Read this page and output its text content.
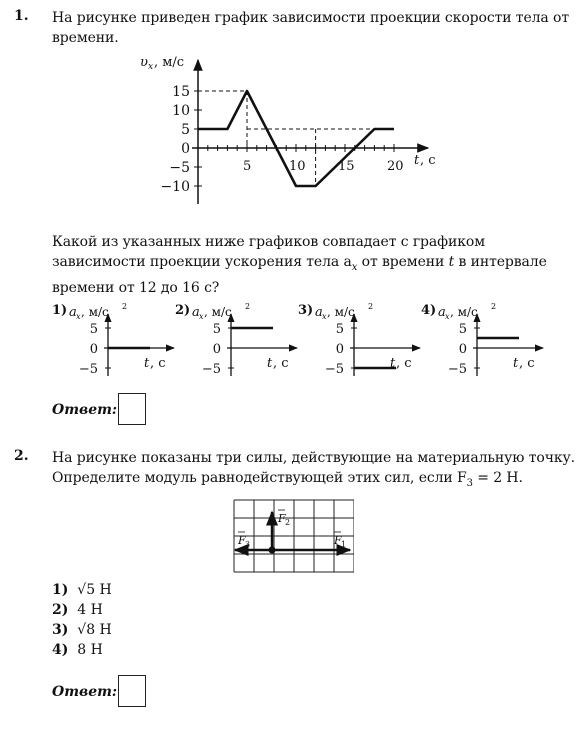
1. На рисунке приведен график зависимости проекции скорости тела от времени.
5	10 15 20
15
10
5
0
−5
−10
υ x , м/с
t , с
Какой из указанных ниже графиков совпадает с графиком зависимости проекции ускорения тела $a_x$ от времени t в интервале времени от 12 до 16 с?
1) a x , м/с 2
5
0
−5	t , с
2) a x , м/с 2
5
0
−5	t , с
3) a x , м/с 2
5
0
−5	t , с
4) a x , м/с 2
5
0
−5	t , с
Ответ:
2. На рисунке показаны три силы, действующие на материальную точку. Определите модуль равнодействующей этих сил, если $F_3 = 2$ Н.
F 2
F 1
F 3
1) √5 Н
2) 4 Н
3) √8 Н
4) 8 Н
Ответ:
